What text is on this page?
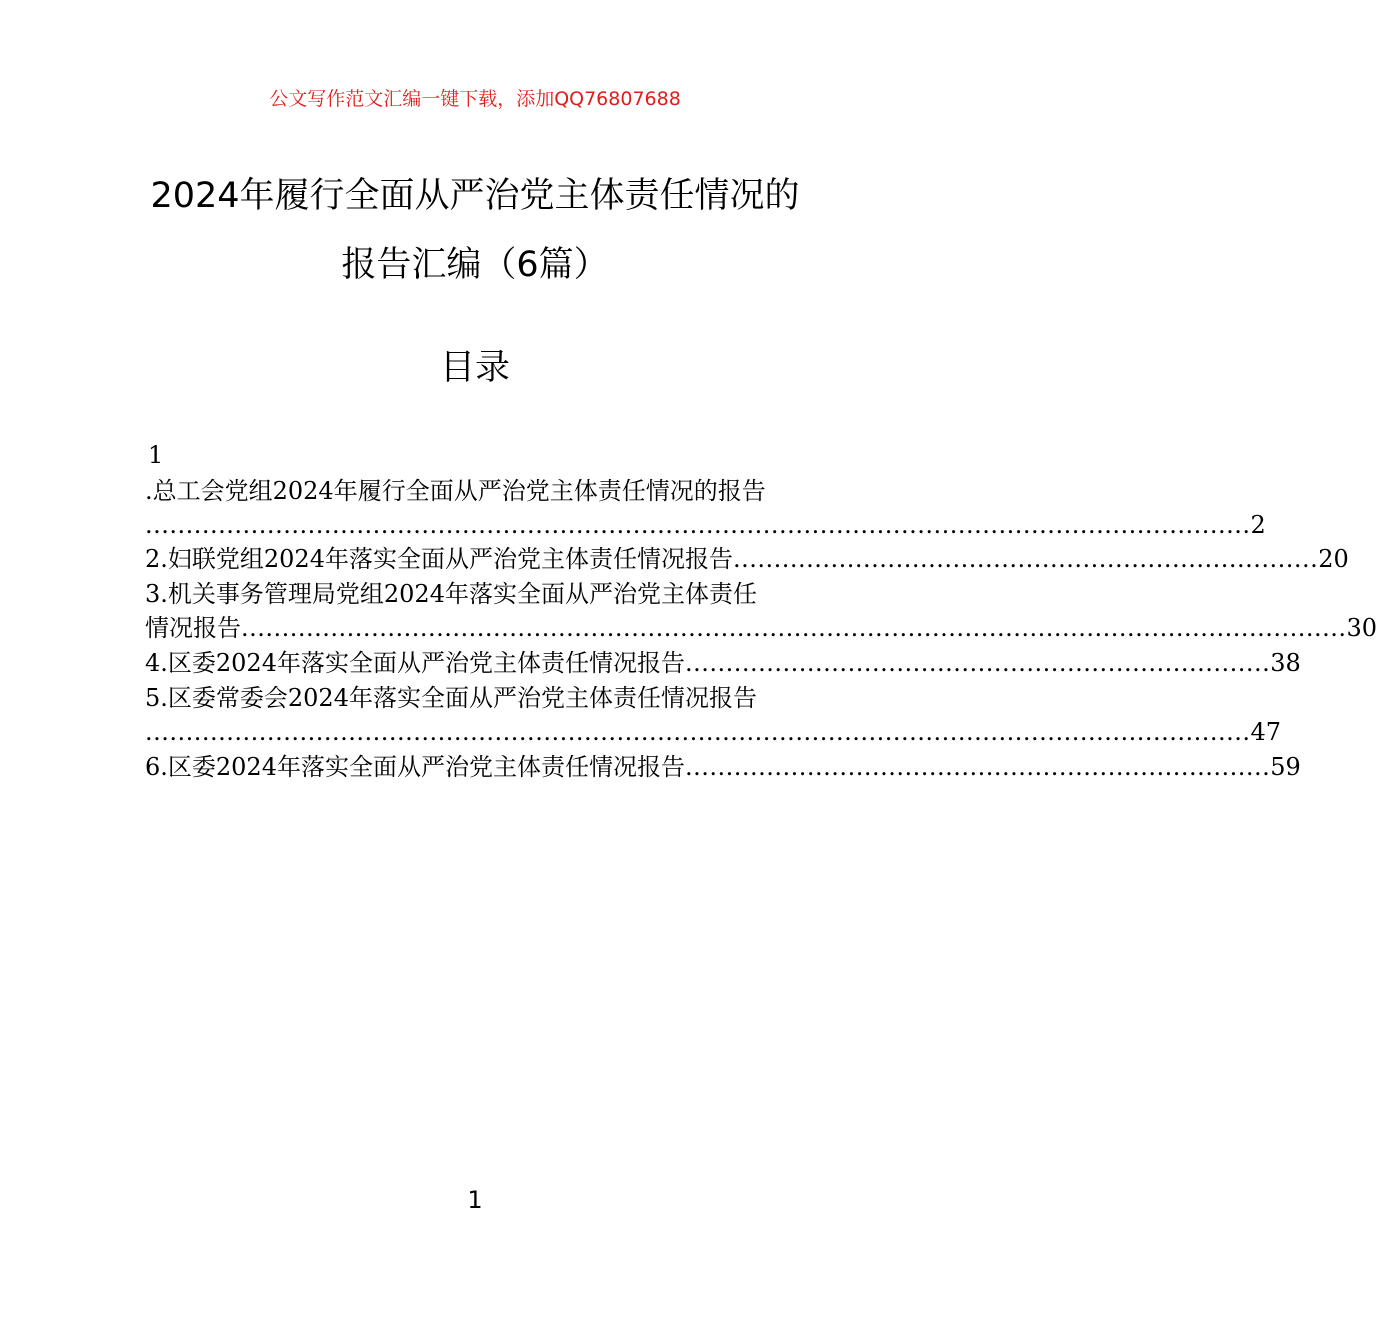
公文写作范文汇编一键下载，添加QQ76807688
2024年履行全面从严治党主体责任情况的
报告汇编（6篇）
目录
1
.总工会党组2024年履行全面从严治党主体责任情况的报告
........................................................................................................................................ 2
2.妇联党组2024年落实全面从严治党主体责任情况报告 ........................................................................ 20
3.机关事务管理局党组2024年落实全面从严治党主体责任
情况报告 ........................................................................................................................................ 30
4.区委2024年落实全面从严治党主体责任情况报告 ........................................................................ 38
5.区委常委会2024年落实全面从严治党主体责任情况报告
........................................................................................................................................ 47
6.区委2024年落实全面从严治党主体责任情况报告 ........................................................................ 59
1
